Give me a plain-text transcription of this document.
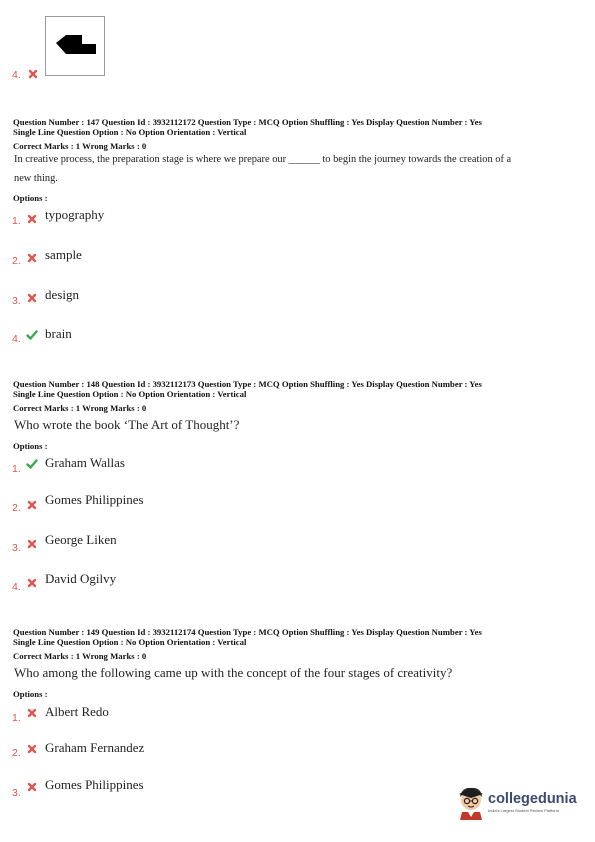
4.
Question Number : 147 Question Id : 3932112172 Question Type : MCQ Option Shuffling : Yes Display Question Number : Yes
Single Line Question Option : No Option Orientation : Vertical
Correct Marks : 1 Wrong Marks : 0
In creative process, the preparation stage is where we prepare our ______ to begin the journey towards the creation of a
new thing.
Options :
1. typography
2. sample
3. design
4. brain
Question Number : 148 Question Id : 3932112173 Question Type : MCQ Option Shuffling : Yes Display Question Number : Yes
Single Line Question Option : No Option Orientation : Vertical
Correct Marks : 1 Wrong Marks : 0
Who wrote the book ‘The Art of Thought’?
Options :
1. Graham Wallas
2.
Gomes Philippines
3.
George Liken
4.
David Ogilvy
Question Number : 149 Question Id : 3932112174 Question Type : MCQ Option Shuffling : Yes Display Question Number : Yes
Single Line Question Option : No Option Orientation : Vertical
Correct Marks : 1 Wrong Marks : 0
Who among the following came up with the concept of the four stages of creativity?
Options :
1. Albert Redo
2. Graham Fernandez
3.
Gomes Philippines
collegedunia
India's Largest Student Review Platform
